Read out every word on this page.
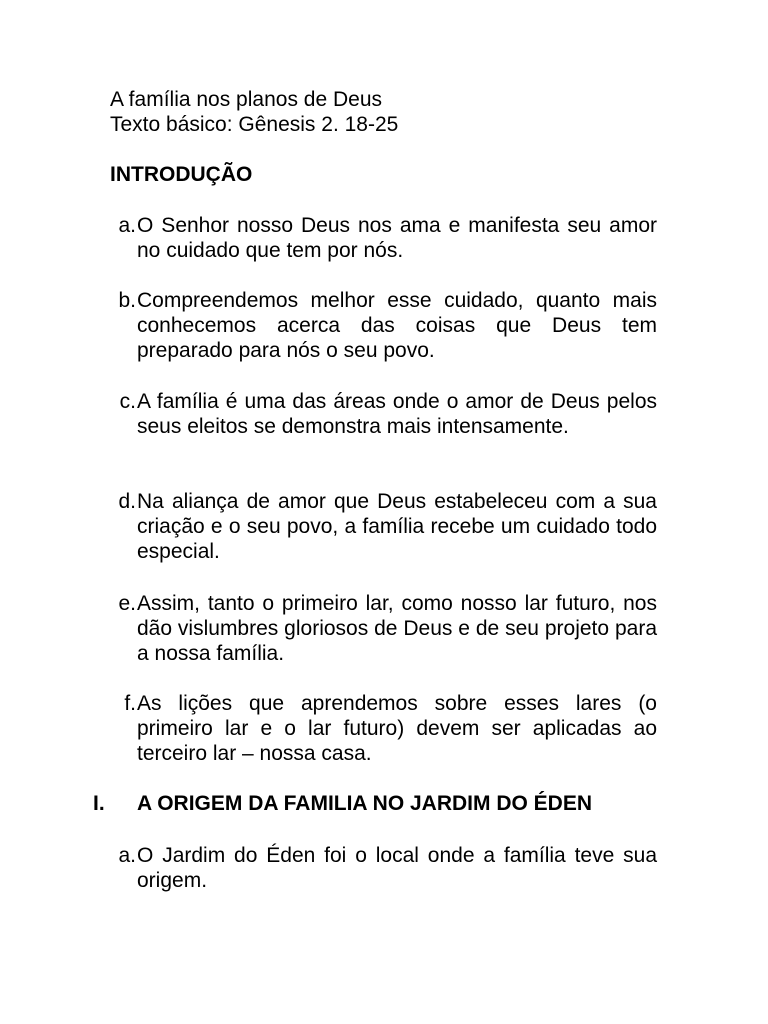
A família nos planos de Deus
Texto básico: Gênesis 2. 18-25
INTRODUÇÃO
a. O Senhor nosso Deus nos ama e manifesta seu amor no cuidado que tem por nós.
b. Compreendemos melhor esse cuidado, quanto mais conhecemos acerca das coisas que Deus tem preparado para nós o seu povo.
c. A família é uma das áreas onde o amor de Deus pelos seus eleitos se demonstra mais intensamente.
d. Na aliança de amor que Deus estabeleceu com a sua criação e o seu povo, a família recebe um cuidado todo especial.
e. Assim, tanto o primeiro lar, como nosso lar futuro, nos dão vislumbres gloriosos de Deus e de seu projeto para a nossa família.
f. As lições que aprendemos sobre esses lares (o primeiro lar e o lar futuro) devem ser aplicadas ao terceiro lar – nossa casa.
I. A ORIGEM DA FAMILIA NO JARDIM DO ÉDEN
a. O Jardim do Éden foi o local onde a família teve sua origem.
